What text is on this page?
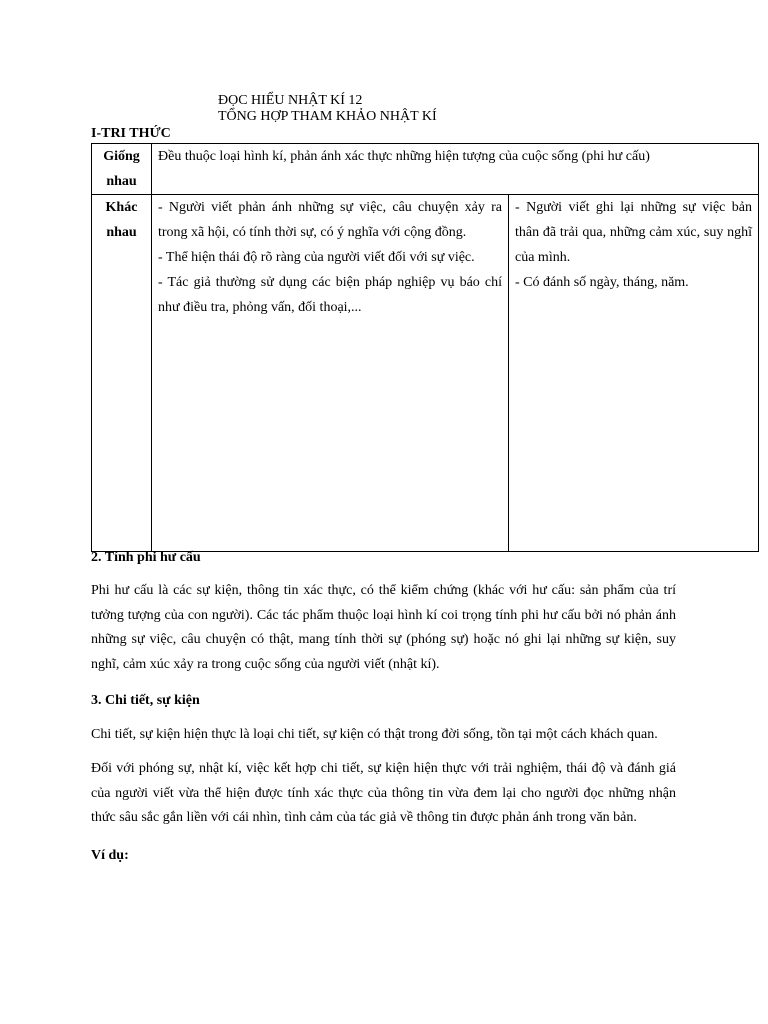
ĐỌC HIỂU NHẬT KÍ 12
TỔNG HỢP THAM KHẢO NHẬT KÍ
I-TRI THỨC
Giống
nhau	Đều thuộc loại hình kí, phản ánh xác thực những hiện tượng của cuộc sống (phi hư cấu)	

Khác
nhau	- Người viết phản ánh những sự việc, câu chuyện xảy ra trong xã hội, có tính thời sự, có ý nghĩa với cộng đồng.
- Thể hiện thái độ rõ ràng của người viết đối với sự việc.
- Tác giả thường sử dụng các biện pháp nghiệp vụ báo chí như điều tra, phỏng vấn, đối thoại,...	- Người viết ghi lại những sự việc bản thân đã trải qua, những cảm xúc, suy nghĩ của mình.
- Có đánh số ngày, tháng, năm.
2. Tính phi hư cấu
Phi hư cấu là các sự kiện, thông tin xác thực, có thể kiểm chứng (khác với hư cấu: sản phẩm của trí tưởng tượng của con người). Các tác phẩm thuộc loại hình kí coi trọng tính phi hư cấu bởi nó phản ánh những sự việc, câu chuyện có thật, mang tính thời sự (phóng sự) hoặc nó ghi lại những sự kiện, suy nghĩ, cảm xúc xảy ra trong cuộc sống của người viết (nhật kí).
3. Chi tiết, sự kiện
Chi tiết, sự kiện hiện thực là loại chi tiết, sự kiện có thật trong đời sống, tồn tại một cách khách quan.
Đối với phóng sự, nhật kí, việc kết hợp chi tiết, sự kiện hiện thực với trải nghiệm, thái độ và đánh giá của người viết vừa thể hiện được tính xác thực của thông tin vừa đem lại cho người đọc những nhận thức sâu sắc gắn liền với cái nhìn, tình cảm của tác giả về thông tin được phản ánh trong văn bản.
Ví dụ:
